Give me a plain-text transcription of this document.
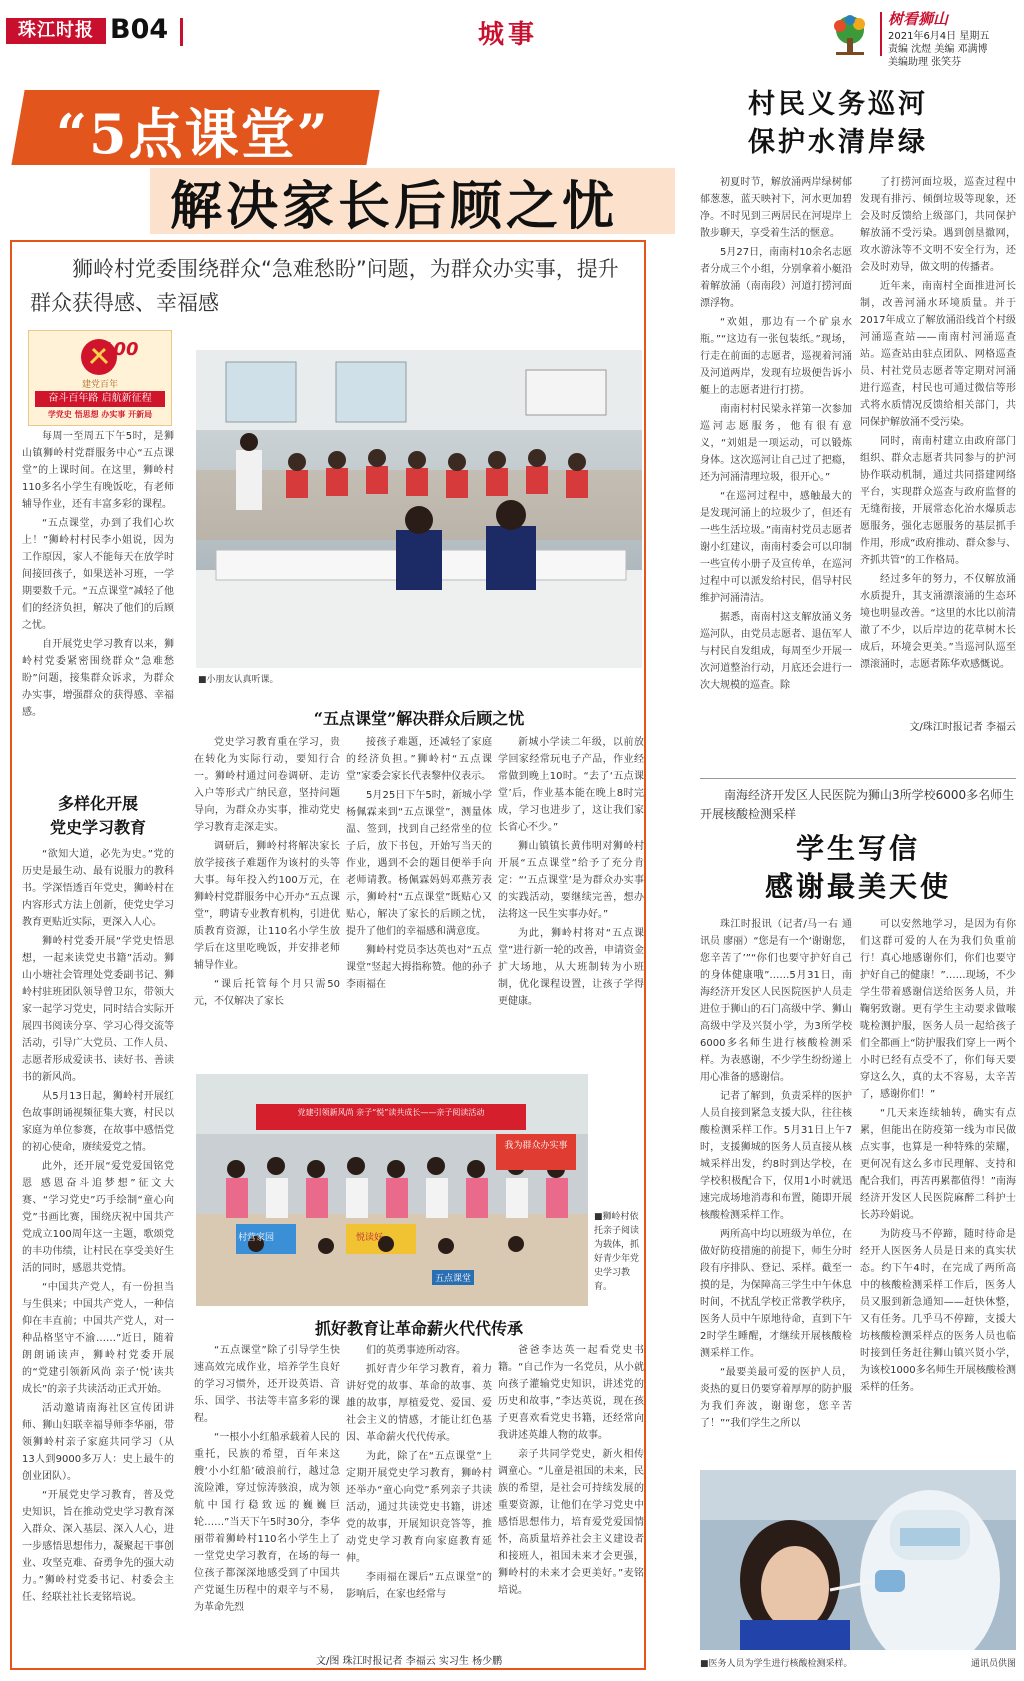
珠江时报 B04	城事
树看狮山
2021年6月4日 星期五
责编 沈煜 美编 邓满博
美编助理 张笑芬
“5点课堂”
解决家长后顾之忧
狮岭村党委围绕群众“急难愁盼”问题，为群众办实事，提升群众获得感、幸福感
100
建党百年
奋斗百年路 启航新征程
学党史 悟思想 办实事 开新局

每周一至周五下午5时，是狮山镇狮岭村党群服务中心“五点课堂”的上课时间。在这里，狮岭村110多名小学生有晚饭吃，有老师辅导作业，还有丰富多彩的课程。

“五点课堂，办到了我们心坎上！”狮岭村村民李小姐说，因为工作原因，家人不能每天在放学时间接回孩子，如果送补习班，一学期要数千元。“五点课堂”减轻了他们的经济负担，解决了他们的后顾之忧。

自开展党史学习教育以来，狮岭村党委紧密围绕群众“急难愁盼”问题，接集群众诉求，为群众办实事，增强群众的获得感、幸福感。

多样化开展
党史学习教育

“欲知大道，必先为史。”党的历史是最生动、最有说服力的教科书。学深悟透百年党史，狮岭村在内容形式方法上创新，使党史学习教育更贴近实际，更深入人心。

狮岭村党委开展“学党史悟思想，一起来读党史书籍”活动。狮山小塘社会管理处党委副书记、狮岭村驻班团队领导曾卫东，带领大家一起学习党史，同时结合实际开展四书阅读分享、学习心得交流等活动，引导广大党员、工作人员、志愿者形成爱读书、读好书、善读书的新风尚。

从5月13日起，狮岭村开展红色故事朗诵视频征集大赛，村民以家庭为单位参赛，在故事中感悟党的初心使命，赓续爱党之情。

此外，还开展“爱党爱国铭党恩 感恩奋斗追梦想”征文大赛、“学习党史”巧手绘制“童心向党”书画比赛，围绕庆祝中国共产党成立100周年这一主题，歌颂党的丰功伟绩，让村民在享受美好生活的同时，感恩共党情。

“中国共产党人，有一份担当与生俱来；中国共产党人，一种信仰在丰直前；中国共产党人，对一种品格坚守不渝……”近日，随着朗朗诵读声，狮岭村党委开展的“党建引领新风尚 亲子‘悦’读共成长”的亲子共读活动正式开始。

活动邀请南海社区宣传团讲师、狮山妇联幸福导师李华丽，带领狮岭村亲子家庭共同学习（从13人到9000多万人：史上最牛的创业团队）。

“开展党史学习教育，普及党史知识，旨在推动党史学习教育深入群众、深入基层、深入人心，进一步感悟思想伟力，凝聚起干事创业、攻坚克难、奋勇争先的强大动力。”狮岭村党委书记、村委会主任、经联社社长麦铭培说。

■小朋友认真听课。
“五点课堂”解决群众后顾之忧

党史学习教育重在学习，贵在转化为实际行动，要知行合一。狮岭村通过问卷调研、走访入户等形式广纳民意，坚持问题导向，为群众办实事，推动党史学习教育走深走实。

调研后，狮岭村将解决家长放学接孩子难题作为该村的头等大事。每年投入约100万元，在狮岭村党群服务中心开办“五点课堂”，聘请专业教育机构，引进优质教育资源，让110名小学生放学后在这里吃晚饭，并安排老师辅导作业。

“课后托管每个月只需50元，不仅解决了家长

接孩子难题，还减轻了家庭的经济负担。”狮岭村“五点课堂”家委会家长代表黎仲仪表示。

5月25日下午5时，新城小学杨佩霖来到“五点课堂”，测量体温、签到，找到自己经常坐的位子后，放下书包，开始写当天的作业，遇到不会的题目便举手向老师请教。杨佩霖妈妈邓燕芳表示，狮岭村“五点课堂”既贴心又贴心，解决了家长的后顾之忧，提升了他们的幸福感和满意度。

狮岭村党员李达英也对“五点课堂”竖起大拇指称赞。他的孙子李雨福在

新城小学读二年级，以前放学回家经常玩电子产品，作业经常做到晚上10时。“去了‘五点课堂’后，作业基本能在晚上8时完成，学习也进步了，这让我们家长省心不少。”

狮山镇镇长黄伟明对狮岭村开展“五点课堂”给予了充分肯定：“‘五点课堂’是为群众办实事的实践活动，要继续完善，想办法将这一民生实事办好。”

为此，狮岭村将对“五点课堂”进行新一轮的改善，申请资金扩大场地，从大班制转为小班制，优化课程设置，让孩子学得更健康。

党建引领新风尚 亲子“悦”读共成长——亲子阅读活动
村营家园	悦读好
五点课堂
我为群众办实事
■狮岭村依托亲子阅读为载体，抓好青少年党史学习教育。
抓好教育让革命薪火代代传承

“五点课堂”除了引导学生快速高效完成作业，培养学生良好的学习习惯外，还开设英语、音乐、国学、书法等丰富多彩的课程。

“一根小小红船承载着人民的重托，民族的希望，百年来这艘‘小小红船’破浪前行，越过急流险滩，穿过惊涛骇浪，成为领航中国行稳致远的巍巍巨轮……”当天下午5时30分，李华丽带着狮岭村110名小学生上了一堂党史学习教育，在场的每一位孩子都深深地感受到了中国共产党诞生历程中的艰辛与不易，为革命先烈

们的英勇事迹所动容。

抓好青少年学习教育，着力讲好党的故事、革命的故事、英雄的故事，厚植爱党、爱国、爱社会主义的情感，才能让红色基因、革命薪火代代传承。

为此，除了在“五点课堂”上定期开展党史学习教育，狮岭村还举办“童心向党”系列亲子共读活动，通过共读党史书籍，讲述党的故事，开展知识竞答等，推动党史学习教育向家庭教育延伸。

李雨福在课后“五点课堂”的影响后，在家也经常与

爸爸李达英一起看党史书籍。“自己作为一名党员，从小就向孩子灌输党史知识，讲述党的历史和故事，”李达英说，现在孩子更喜欢看党史书籍，还经常向我讲述英雄人物的故事。

亲子共同学党史，新火相传调童心。“儿童是祖国的未来，民族的希望，是社会可持续发展的重要资源，让他们在学习党史中感悟思想伟力，培育爱党爱国情怀，高质量培养社会主义建设者和接班人，祖国未来才会更强，狮岭村的未来才会更美好。”麦铭培说。

文/图 珠江时报记者 李福云 实习生 杨少鹏
村民义务巡河
保护水清岸绿

初夏时节，解放涌两岸绿树郁郁葱葱，蓝天映衬下，河水更加碧净。不时见到三两居民在河堤岸上散步聊天，享受着生活的惬意。

5月27日，南南村10余名志愿者分成三个小组，分别拿着小艇沿着解放涌（南南段）河道打捞河面漂浮物。

“欢姐，那边有一个矿泉水瓶。”“这边有一张包装纸。”现场，行走在前面的志愿者，巡视着河涌及河道两岸，发现有垃圾便告诉小艇上的志愿者进行打捞。

南南村村民梁永祥第一次参加巡河志愿服务，他有很有意义，“刘姐是一项运动，可以锻炼身体。这次巡河让自己过了把瘾，还为河涌清理垃圾，很开心。”

“在巡河过程中，感触最大的是发现河涌上的垃圾少了，但还有一些生活垃圾。”南南村党员志愿者谢小红建议，南南村委会可以印制一些宣传小册子及宣传单，在巡河过程中可以派发给村民，倡导村民维护河涌清洁。

据悉，南南村这支解放涌义务巡河队，由党员志愿者、退伍军人与村民自发组成，每周至少开展一次河道整治行动，月底还会进行一次大规模的巡查。除

了打捞河面垃圾，巡查过程中发现有排污、倾倒垃圾等现象，还会及时反馈给上级部门，共同保护解放涌不受污染。遇到创垦撤网，攻水游泳等不文明不安全行为，还会及时劝导，做文明的传播者。

近年来，南南村全面推进河长制，改善河涌水环境质量。并于2017年成立了解放涌沿线首个村级河涌巡查站——南南村河涌巡查站。巡查站由驻点团队、网格巡查员、村社党员志愿者等定期对河涌进行巡查，村民也可通过微信等形式将水质情况反馈给相关部门，共同保护解放涌不受污染。

同时，南南村建立由政府部门组织、群众志愿者共同参与的护河协作联动机制，通过共同搭建网络平台，实现群众巡查与政府监督的无缝衔接，开展常态化治水爆质志愿服务，强化志愿服务的基层抓手作用，形成“政府推动、群众参与、齐抓共管”的工作格局。

经过多年的努力，不仅解放涌水质提升，其支涌漂滚涌的生态环境也明显改善。“这里的水比以前清澈了不少，以后岸边的花草树木长成后，环境会更美。”当巡河队巡至漂滚涌时，志愿者陈华欢感慨说。

文/珠江时报记者 李福云
南海经济开发区人民医院为狮山3所学校6000多名师生开展核酸检测采样
学生写信
感谢最美天使

珠江时报讯（记者/马一右 通讯员 廖丽）“您是有一个‘谢谢您，您辛苦了’”“你们也要守护好自己的身体健康哦”……5月31日，南海经济开发区人民医院医护人员走进位于狮山的石门高级中学、狮山高级中学及兴贤小学，为3所学校6000多名师生进行核酸检测采样。为表感谢，不少学生纷纷递上用心准备的感谢信。

记者了解到，负责采样的医护人员自接到紧急支援大队，往往核酸检测采样工作。5月31日上午7时，支援狮城的医务人员直接从核城采样出发，约8时到达学校，在学校积极配合下，仅用1小时就迅速完成场地消毒和布置，随即开展核酸检测采样工作。

两所高中均以班级为单位，在做好防疫措施的前提下，师生分时段有序排队、登记、采样。截至一摸的是，为保障高三学生中午休息时间，不扰乱学校正常教学秩序，医务人员中午原地待命，直到下午2时学生睡醒，才继续开展核酸检测采样工作。

“最要美最可爱的医护人员，炎热的夏日仍要穿着厚厚的防护服为我们奔波，谢谢您，您辛苦了！”“我们学生之所以

可以安然地学习，是因为有你们这群可爱的人在为我们负重前行！真心地感谢你们，你们也要守护好自己的健康！”……现场，不少学生带着感谢信送给医务人员，并鞠躬致谢。更有学生主动要求做喉咙检测护服，医务人员一起给孩子们全都画上“防护服我们穿上一两个小时已经有点受不了，你们每天要穿这么久，真的太不容易，太辛苦了，感谢你们！”

“几天来连续轴转，确实有点累，但能出在防疫第一线为市民做点实事，也算是一种特殊的荣耀，更何况有这么多市民理解、支持和配合我们，再苦再累都值得！”南海经济开发区人民医院麻醉二科护士长苏玲娟说。

为防疫马不停蹄，随时待命是经开人医医务人员是日来的真实状态。约下午4时，在完成了两所高中的核酸检测采样工作后，医务人员又服到新急通知——赶快休整，又有任务。几乎马不停蹄，支援大坊核酸检测采样点的医务人员也临时接到任务赶往狮山镇兴贤小学，为该校1000多名师生开展核酸检测采样的任务。

■医务人员为学生进行核酸检测采样。	通讯员供图
